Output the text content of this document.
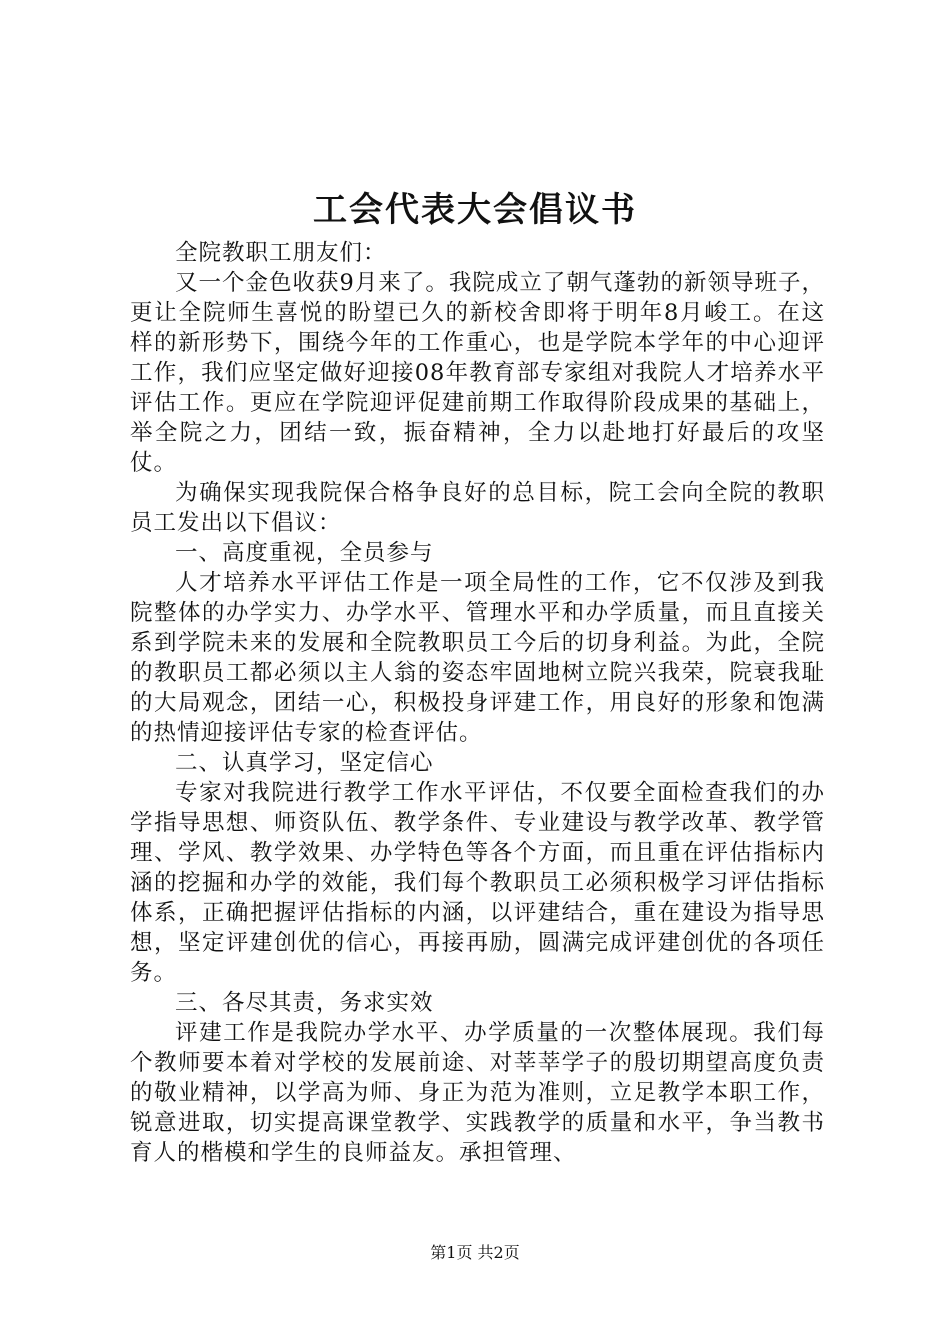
工会代表大会倡议书

全院教职工朋友们：

又一个金色收获9月来了。我院成立了朝气蓬勃的新领导班子，更让全院师生喜悦的盼望已久的新校舍即将于明年8月峻工。在这样的新形势下，围绕今年的工作重心，也是学院本学年的中心迎评工作，我们应坚定做好迎接08年教育部专家组对我院人才培养水平评估工作。更应在学院迎评促建前期工作取得阶段成果的基础上，举全院之力，团结一致，振奋精神，全力以赴地打好最后的攻坚仗。

为确保实现我院保合格争良好的总目标，院工会向全院的教职员工发出以下倡议：

一、高度重视，全员参与

人才培养水平评估工作是一项全局性的工作，它不仅涉及到我院整体的办学实力、办学水平、管理水平和办学质量，而且直接关系到学院未来的发展和全院教职员工今后的切身利益。为此，全院的教职员工都必须以主人翁的姿态牢固地树立院兴我荣，院衰我耻的大局观念，团结一心，积极投身评建工作，用良好的形象和饱满的热情迎接评估专家的检查评估。

二、认真学习，坚定信心

专家对我院进行教学工作水平评估，不仅要全面检查我们的办学指导思想、师资队伍、教学条件、专业建设与教学改革、教学管理、学风、教学效果、办学特色等各个方面，而且重在评估指标内涵的挖掘和办学的效能，我们每个教职员工必须积极学习评估指标体系，正确把握评估指标的内涵，以评建结合，重在建设为指导思想，坚定评建创优的信心，再接再励，圆满完成评建创优的各项任务。

三、各尽其责，务求实效

评建工作是我院办学水平、办学质量的一次整体展现。我们每个教师要本着对学校的发展前途、对莘莘学子的殷切期望高度负责的敬业精神，以学高为师、身正为范为准则，立足教学本职工作，锐意进取，切实提高课堂教学、实践教学的质量和水平，争当教书育人的楷模和学生的良师益友。承担管理、

第1页 共2页
